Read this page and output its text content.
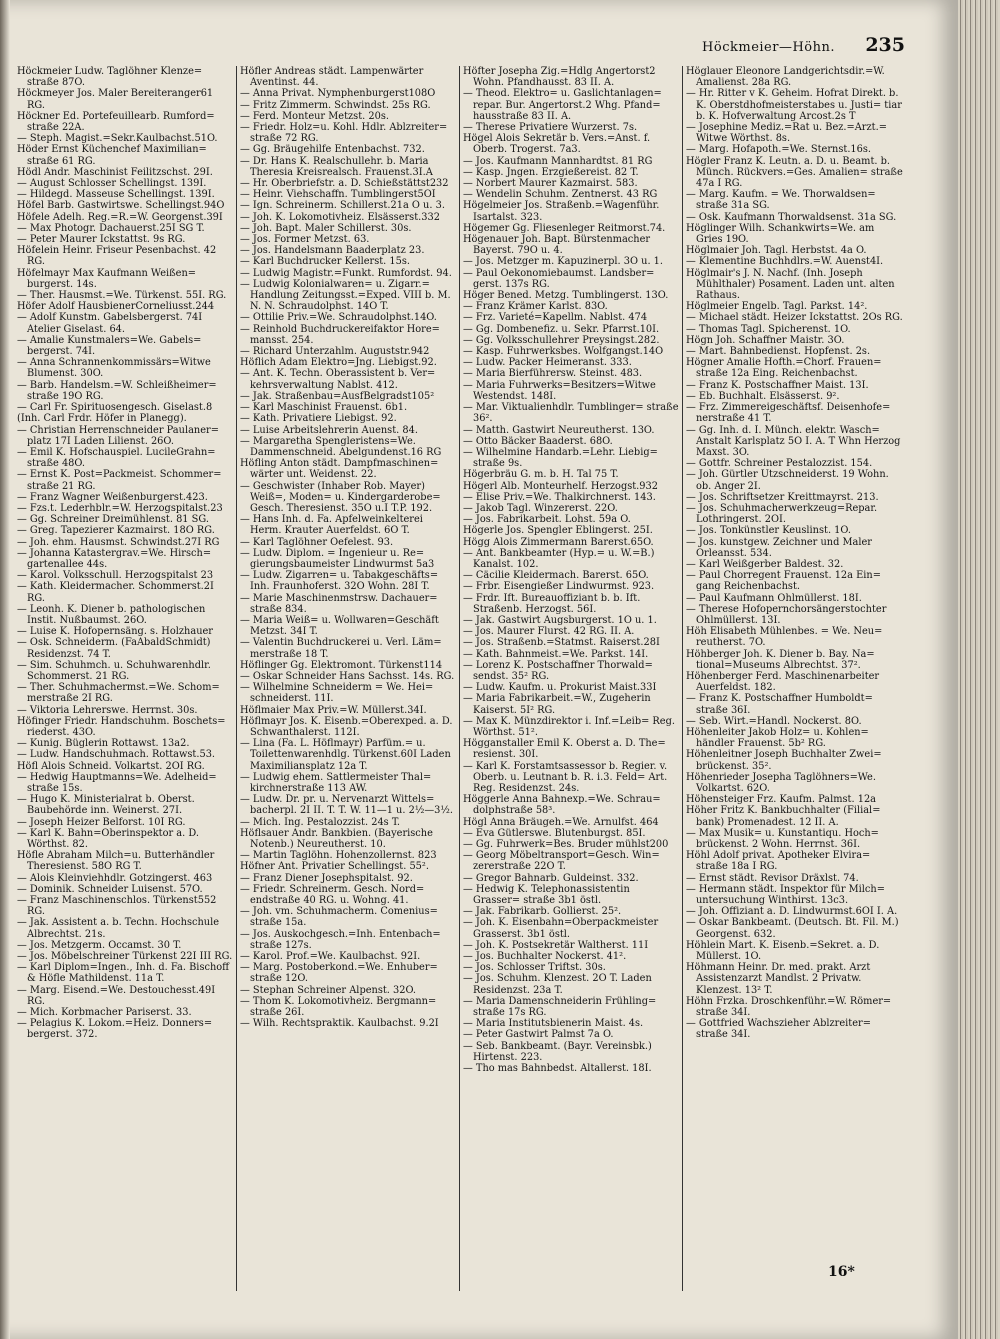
Höckmeier—Höhn. 235

Höckmeier Ludw. Taglöhner Klenze= straße 87O.

Höckmeyer Jos. Maler Bereiteranger61 RG.

Höckner Ed. Portefeuillearb. Rumford= straße 22A.

— Steph. Magist.=Sekr.Kaulbachst.51O.

Höder Ernst Küchenchef Maximilian= straße 61 RG.

Hödl Andr. Maschinist Feilitzschst. 29I.

— August Schlosser Schellingst. 139I.

— Hildegd. Masseuse Schellingst. 139I.

Höfel Barb. Gastwirtswe. Schellingst.94O

Höfele Adelh. Reg.=R.=W. Georgenst.39I

— Max Photogr. Dachauerst.25I SG T.

— Peter Maurer Ickstattst. 9s RG.

Höfelein Heinr. Friseur Pesenbachst. 42 RG.

Höfelmayr Max Kaufmann Weißen= burgerst. 14s.

— Ther. Hausmst.=We. Türkenst. 55I. RG.

Höfer Adolf HausbienerCorneliusst.244

— Adolf Kunstm. Gabelsbergerst. 74I Atelier Giselast. 64.

— Amalie Kunstmalers=We. Gabels= bergerst. 74I.

— Anna Schrannenkommissärs=Witwe Blumenst. 30O.

— Barb. Handelsm.=W. Schleißheimer= straße 19O RG.

— Carl Fr. Spirituosengesch. Giselast.8

(Inh. Carl Frdr. Höfer in Planegg).

— Christian Herrenschneider Paulaner= platz 17I Laden Lilienst. 26O.

— Emil K. Hofschauspiel. LucileGrahn= straße 48O.

— Ernst K. Post=Packmeist. Schommer= straße 21 RG.

— Franz Wagner Weißenburgerst.423.

— Fzs.t. Lederhblr.=W. Herzogspitalst.23

— Gg. Schreiner Dreimühlenst. 81 SG.

— Greg. Tapezierer Kazmairst. 18O RG.

— Joh. ehm. Hausmst. Schwindst.27I RG

— Johanna Katastergrav.=We. Hirsch= gartenallee 44s.

— Karol. Volksschull. Herzogspitalst 23

— Kath. Kleidermacher. Schommerst.2I RG.

— Leonh. K. Diener b. pathologischen Instit. Nußbaumst. 26O.

— Luise K. Hofopernsäng. s. Holzhauer

— Osk. Schneiderm. (FaAbaldSchmidt) Residenzst. 74 T.

— Sim. Schuhmch. u. Schuhwarenhdlr. Schommerst. 21 RG.

— Ther. Schuhmachermst.=We. Schom= merstraße 2I RG.

— Viktoria Lehrerswe. Herrnst. 30s.

Höfinger Friedr. Handschuhm. Boschets= riederst. 43O.

— Kunig. Büglerin Rottawst. 13a2.

— Ludw. Handschuhmach. Rottawst.53.

Höfl Alois Schneid. Volkartst. 2OI RG.

— Hedwig Hauptmanns=We. Adelheid= straße 15s.

— Hugo K. Ministerialrat b. Oberst. Baubehörde inn. Weinerst. 27I.

— Joseph Heizer Belforst. 10I RG.

— Karl K. Bahn=Oberinspektor a. D. Wörthst. 82.

Höfle Abraham Milch=u. Butterhändler Theresienst. 58O RG T.

— Alois Kleinviehhdlr. Gotzingerst. 463

— Dominik. Schneider Luisenst. 57O.

— Franz Maschinenschlos. Türkenst552 RG.

— Jak. Assistent a. b. Techn. Hochschule Albrechtst. 21s.

— Jos. Metzgerm. Occamst. 30 T.

— Jos. Möbelschreiner Türkenst 22I III RG.

— Karl Diplom=Ingen., Inh. d. Fa. Bischoff & Höfle Mathildenst. 11a T.

— Marg. Eisend.=We. Destouchesst.49I RG.

— Mich. Korbmacher Pariserst. 33.

— Pelagius K. Lokom.=Heiz. Donners= bergerst. 372.

Höfler Andreas städt. Lampenwärter Aventinst. 44.

— Anna Privat. Nymphenburgerst108O

— Fritz Zimmerm. Schwindst. 25s RG.

— Ferd. Monteur Metzst. 20s.

— Friedr. Holz=u. Kohl. Hdlr. Ablzreiter= straße 72 RG.

— Gg. Bräugehilfe Entenbachst. 732.

— Dr. Hans K. Realschullehr. b. Maria Theresia Kreisrealsch. Frauenst.3I.A

— Hr. Oberbriefstr. a. D. Schießstättst232

— Heinr. Viehschaffn. Tumblingerst5OI

— Ign. Schreinerm. Schillerst.21a O u. 3.

— Joh. K. Lokomotivheiz. Elsässerst.332

— Joh. Bapt. Maler Schillerst. 30s.

— Jos. Former Metzst. 63.

— Jos. Handelsmann Baaderplatz 23.

— Karl Buchdrucker Kellerst. 15s.

— Ludwig Magistr.=Funkt. Rumfordst. 94.

— Ludwig Kolonialwaren= u. Zigarr.= Handlung Zeitungsst.=Exped. VIII b. M. N. N. Schraudolphst. 14O T.

— Ottilie Priv.=We. Schraudolphst.14O.

— Reinhold Buchdruckereifaktor Hore= mansst. 254.

— Richard Unterzahlm. Auguststr.942

Höflich Adam Elektro=Jng. Liebigst.92.

— Ant. K. Techn. Oberassistent b. Ver= kehrsverwaltung Nablst. 412.

— Jak. Straßenbau=AusfBelgradst105²

— Karl Maschinist Frauenst. 6b1.

— Kath. Privatiere Liebigst. 92.

— Luise Arbeitslehrerin Auenst. 84.

— Margaretha Spengleristens=We. Dammenschneid. Abelgundenst.16 RG

Höfling Anton städt. Dampfmaschinen= wärter unt. Weidenst. 22.

— Geschwister (Inhaber Rob. Mayer) Weiß=, Moden= u. Kindergarderobe= Gesch. Theresienst. 35O u.I T.P. 192.

— Hans Inh. d. Fa. Apfelweinkelterei Herm. Krauter Auerfeldst. 6O T.

— Karl Taglöhner Oefelest. 93.

— Ludw. Diplom. = Ingenieur u. Re= gierungsbaumeister Lindwurmst 5a3

— Ludw. Zigarren= u. Tabakgeschäfts= Inh. Fraunhoferst. 32O Wohn. 28I T.

— Marie Maschinenmstrsw. Dachauer= straße 834.

— Maria Weiß= u. Wollwaren=Geschäft Metzst. 34I T.

— Valentin Buchdruckerei u. Verl. Läm= merstraße 18 T.

Höflinger Gg. Elektromont. Türkenst114

— Oskar Schneider Hans Sachsst. 14s. RG.

— Wilhelmine Schneiderm = We. Hei= schneiderst. 11I.

Höflmaier Max Priv.=W. Müllerst.34I.

Höflmayr Jos. K. Eisenb.=Oberexped. a. D. Schwanthalerst. 112I.

— Lina (Fa. L. Höflmayr) Parfüm.= u. Toilettenwarenhdlg. Türkenst.60I Laden Maximiliansplatz 12a T.

— Ludwig ehem. Sattlermeister Thal= kirchnerstraße 113 AW.

— Ludw. Dr. pr. u. Nervenarzt Wittels= bacherpl. 2I II. T. T. W. 11—1 u. 2½—3½.

— Mich. Ing. Pestalozzist. 24s T.

Höflsauer Andr. Bankbien. (Bayerische Notenb.) Neureutherst. 10.

— Martin Taglöhn. Hohenzollernst. 823

Höfner Ant. Privatier Schellingst. 55².

— Franz Diener Josephspitalst. 92.

— Friedr. Schreinerm. Gesch. Nord= endstraße 40 RG. u. Wohng. 41.

— Joh. vm. Schuhmacherm. Comenius= straße 15a.

— Jos. Auskochgesch.=Inh. Entenbach= straße 127s.

— Karol. Prof.=We. Kaulbachst. 92I.

— Marg. Postoberkond.=We. Enhuber= straße 12O.

— Stephan Schreiner Alpenst. 32O.

— Thom K. Lokomotivheiz. Bergmann= straße 26I.

— Wilh. Rechtspraktik. Kaulbachst. 9.2I

Höfter Josepha Zig.=Hdlg Angertorst2 Wohn. Pfandhausst. 83 II. A.

— Theod. Elektro= u. Gaslichtanlagen= repar. Bur. Angertorst.2 Whg. Pfand= hausstraße 83 II. A.

— Therese Privatiere Wurzerst. 7s.

Högel Alois Sekretär b. Vers.=Anst. f. Oberb. Trogerst. 7a3.

— Jos. Kaufmann Mannhardtst. 81 RG

— Kasp. Jngen. Erzgießereist. 82 T.

— Norbert Maurer Kazmairst. 583.

— Wendelin Schuhm. Zentnerst. 43 RG

Högelmeier Jos. Straßenb.=Wagenführ. Isartalst. 323.

Högemer Gg. Fliesenleger Reitmorst.74.

Högenauer Joh. Bapt. Bürstenmacher Bayerst. 79O u. 4.

— Jos. Metzger m. Kapuzinerpl. 3O u. 1.

— Paul Oekonomiebaumst. Landsber= gerst. 137s RG.

Höger Bened. Metzg. Tumblingerst. 13O.

— Franz Krämer Karlst. 83O.

— Frz. Varieté=Kapellm. Nablst. 474

— Gg. Dombenefiz. u. Sekr. Pfarrst.10I.

— Gg. Volksschullehrer Preysingst.282.

— Kasp. Fuhrwerksbes. Wolfgangst.14O

— Ludw. Packer Heimeranst. 333.

— Maria Bierführersw. Steinst. 483.

— Maria Fuhrwerks=Besitzers=Witwe Westendst. 148I.

— Mar. Viktualienhdlr. Tumblinger= straße 36².

— Matth. Gastwirt Neureutherst. 13O.

— Otto Bäcker Baaderst. 68O.

— Wilhelmine Handarb.=Lehr. Liebig= straße 9s.

Högerbräu G. m. b. H. Tal 75 T.

Högerl Alb. Monteurhelf. Herzogst.932

— Elise Priv.=We. Thalkirchnerst. 143.

— Jakob Tagl. Winzererst. 22O.

— Jos. Fabrikarbeit. Lohst. 59a O.

Högerle Jos. Spengler Eblingerst. 25I.

Högg Alois Zimmermann Barerst.65O.

— Ant. Bankbeamter (Hyp.= u. W.=B.) Kanalst. 102.

— Cäcilie Kleidermach. Barerst. 65O.

— Frbr. Eisengießer Lindwurmst. 923.

— Frdr. Ift. Bureauoffiziant b. b. Ift. Straßenb. Herzogst. 56I.

— Jak. Gastwirt Augsburgerst. 1O u. 1.

— Jos. Maurer Flurst. 42 RG. II. A.

— Jos. Straßenb.=Statmst. Raiserst.28I

— Kath. Bahnmeist.=We. Parkst. 14I.

— Lorenz K. Postschaffner Thorwald= sendst. 35² RG.

— Ludw. Kaufm. u. Prokurist Maist.33I

— Maria Fabrikarbeit.=W., Zugeherin Kaiserst. 5I² RG.

— Max K. Münzdirektor i. Inf.=Leib= Reg. Wörthst. 51².

Högganstaller Emil K. Oberst a. D. The= resienst. 30I.

— Karl K. Forstamtsassessor b. Regier. v. Oberb. u. Leutnant b. R. i.3. Feld= Art. Reg. Residenzst. 24s.

Höggerle Anna Bahnexp.=We. Schrau= dolphstraße 58³.

Högl Anna Bräugeh.=We. Arnulfst. 464

— Eva Gütlerswe. Blutenburgst. 85I.

— Gg. Fuhrwerk=Bes. Bruder mühlst200

— Georg Möbeltransport=Gesch. Win= zererstraße 22O T.

— Gregor Bahnarb. Guldeinst. 332.

— Hedwig K. Telephonassistentin Grasser= straße 3b1 östl.

— Jak. Fabrikarb. Gollierst. 25².

— Joh. K. Eisenbahn=Oberpackmeister Grasserst. 3b1 östl.

— Joh. K. Postsekretär Waltherst. 11I

— Jos. Buchhalter Nockerst. 41².

— Jos. Schlosser Triftst. 30s.

— Jos. Schuhm. Klenzest. 2O T. Laden Residenzst. 23a T.

— Maria Damenschneiderin Frühling= straße 17s RG.

— Maria Institutsbienerin Maist. 4s.

— Peter Gastwirt Palmst 7a O.

— Seb. Bankbeamt. (Bayr. Vereinsbk.) Hirtenst. 223.

— Tho mas Bahnbedst. Altallerst. 18I.

Höglauer Eleonore Landgerichtsdir.=W. Amalienst. 28a RG.

— Hr. Ritter v K. Geheim. Hofrat Direkt. b. K. Oberstdhofmeisterstabes u. Justi= tiar b. K. Hofverwaltung Arcost.2s T

— Josephine Mediz.=Rat u. Bez.=Arzt.= Witwe Wörthst. 8s.

— Marg. Hofapoth.=We. Sternst.16s.

Högler Franz K. Leutn. a. D. u. Beamt. b. Münch. Rückvers.=Ges. Amalien= straße 47a I RG.

— Marg. Kaufm. = We. Thorwaldsen= straße 31a SG.

— Osk. Kaufmann Thorwaldsenst. 31a SG.

Höglinger Wilh. Schankwirts=We. am Gries 19O.

Höglmaier Joh. Tagl. Herbstst. 4a O.

— Klementine Buchhdlrs.=W. Auenst4I.

Höglmair's J. N. Nachf. (Inh. Joseph Mühlthaler) Posament. Laden unt. alten Rathaus.

Höglmeier Engelb. Tagl. Parkst. 14².

— Michael städt. Heizer Ickstattst. 2Os RG.

— Thomas Tagl. Spicherenst. 1O.

Högn Joh. Schaffner Maistr. 3O.

— Mart. Bahnbedienst. Hopfenst. 2s.

Högner Amalie Hofth.=Chorf. Frauen= straße 12a Eing. Reichenbachst.

— Franz K. Postschaffner Maist. 13I.

— Eb. Buchhalt. Elsässerst. 9².

— Frz. Zimmereigeschäftsf. Deisenhofe= nerstraße 41 T.

— Gg. Inh. d. I. Münch. elektr. Wasch= Anstalt Karlsplatz 5O I. A. T Whn Herzog Maxst. 3O.

— Gottfr. Schreiner Pestalozzist. 154.

— Joh. Gürtler Utzschneiderst. 19 Wohn. ob. Anger 2I.

— Jos. Schriftsetzer Kreittmayrst. 213.

— Jos. Schuhmacherwerkzeug=Repar. Lothringerst. 2OI.

— Jos. Tonkünstler Keuslinst. 1O.

— Jos. kunstgew. Zeichner und Maler Orleansst. 534.

— Karl Weißgerber Baldest. 32.

— Paul Chorregent Frauenst. 12a Ein= gang Reichenbachst.

— Paul Kaufmann Ohlmüllerst. 18I.

— Therese Hofopernchorsängerstochter Ohlmüllerst. 13I.

Höh Elisabeth Mühlenbes. = We. Neu= reutherst. 7O.

Höhberger Joh. K. Diener b. Bay. Na= tional=Museums Albrechtst. 37².

Höhenberger Ferd. Maschinenarbeiter Auerfeldst. 182.

— Franz K. Postschaffner Humboldt= straße 36I.

— Seb. Wirt.=Handl. Nockerst. 8O.

Höhenleiter Jakob Holz= u. Kohlen= händler Frauenst. 5b² RG.

Höhenleitner Joseph Buchhalter Zwei= brückenst. 35².

Höhenrieder Josepha Taglöhners=We. Volkartst. 62O.

Höhensteiger Frz. Kaufm. Palmst. 12a

Höher Fritz K. Bankbuchhalter (Filial= bank) Promenadest. 12 II. A.

— Max Musik= u. Kunstantiqu. Hoch= brückenst. 2 Wohn. Herrnst. 36I.

Höhl Adolf privat. Apotheker Elvira= straße 18a I RG.

— Ernst städt. Revisor Dräxlst. 74.

— Hermann städt. Inspektor für Milch= untersuchung Winthirst. 13c3.

— Joh. Offiziant a. D. Lindwurmst.6OI I. A.

— Oskar Bankbeamt. (Deutsch. Bt. Fil. M.) Georgenst. 632.

Höhlein Mart. K. Eisenb.=Sekret. a. D. Müllerst. 1O.

Höhmann Heinr. Dr. med. prakt. Arzt Assistenzarzt Mandlst. 2 Privatw. Klenzest. 13² T.

Höhn Frzka. Droschkenführ.=W. Römer= straße 34I.

— Gottfried Wachszieher Ablzreiter= straße 34I.

16*
